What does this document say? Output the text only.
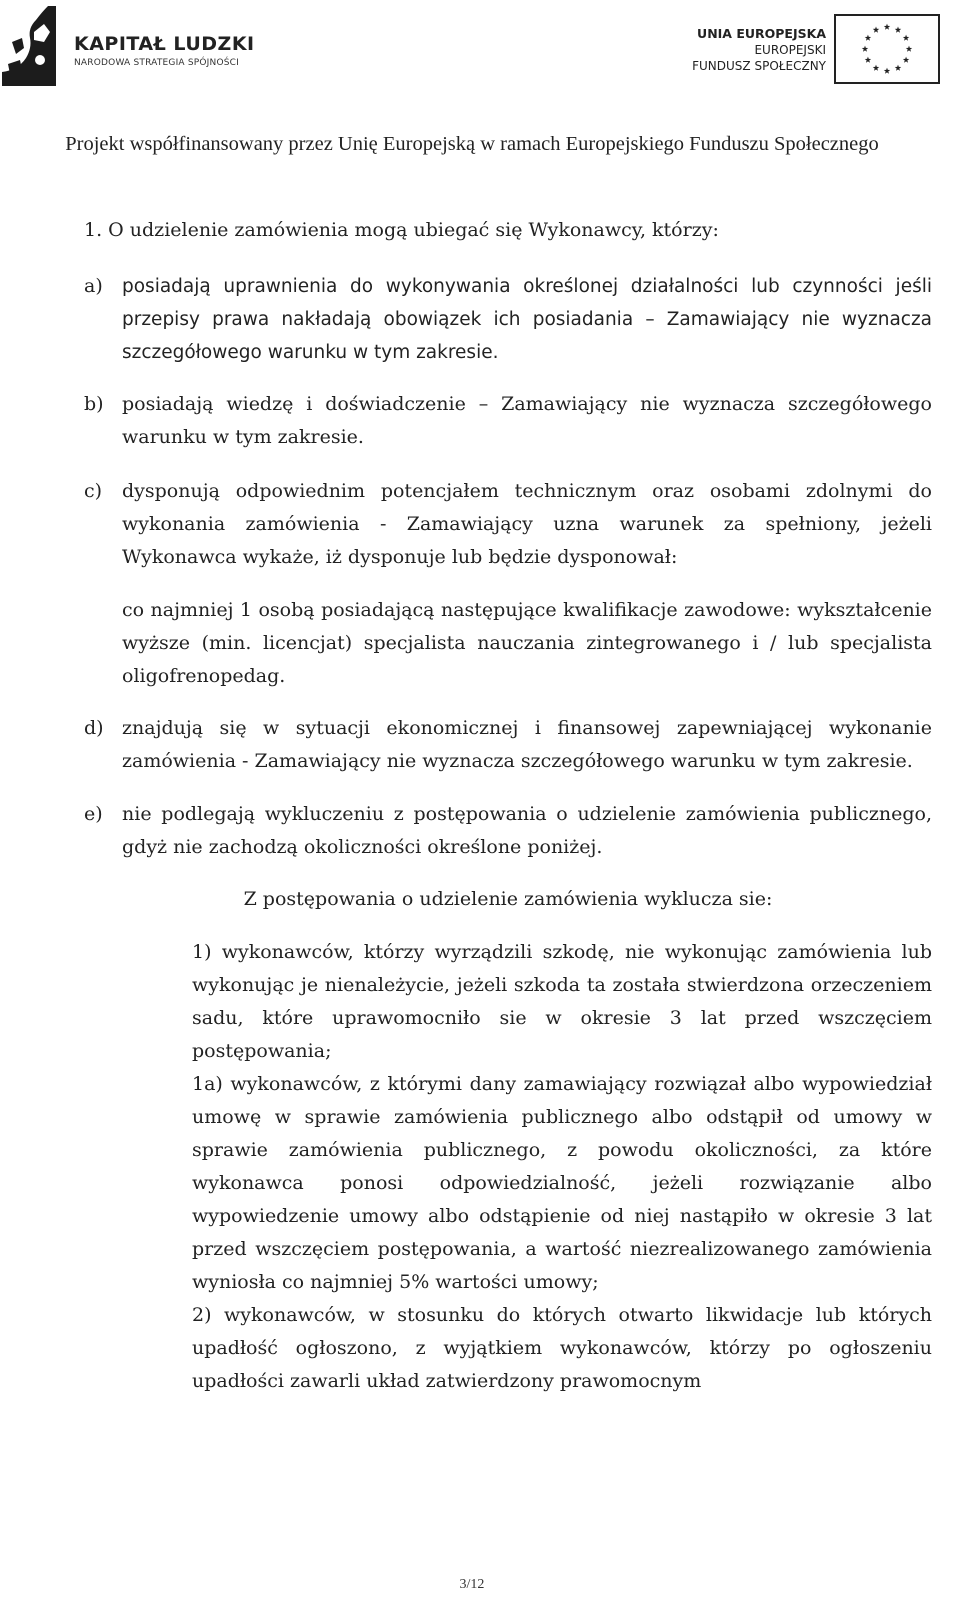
KAPITAŁ LUDZKI
NARODOWA STRATEGIA SPÓJNOŚCI
UNIA EUROPEJSKA
EUROPEJSKI
FUNDUSZ SPOŁECZNY
Projekt współfinansowany przez Unię Europejską w ramach Europejskiego Funduszu Społecznego

1. O udzielenie zamówienia mogą ubiegać się Wykonawcy, którzy:

a) posiadają uprawnienia do wykonywania określonej działalności lub czynności jeśli przepisy prawa nakładają obowiązek ich posiadania – Zamawiający nie wyznacza szczegółowego warunku w tym zakresie.

b) posiadają wiedzę i doświadczenie – Zamawiający nie wyznacza szczegółowego warunku w tym zakresie.

c) dysponują odpowiednim potencjałem technicznym oraz osobami zdolnymi do wykonania zamówienia - Zamawiający uzna warunek za spełniony, jeżeli Wykonawca wykaże, iż dysponuje lub będzie dysponował:

co najmniej 1 osobą posiadającą następujące kwalifikacje zawodowe: wykształcenie wyższe (min. licencjat) specjalista nauczania zintegrowanego i / lub specjalista oligofrenopedag.

d) znajdują się w sytuacji ekonomicznej i finansowej zapewniającej wykonanie zamówienia - Zamawiający nie wyznacza szczegółowego warunku w tym zakresie.

e) nie podlegają wykluczeniu z postępowania o udzielenie zamówienia publicznego, gdyż nie zachodzą okoliczności określone poniżej.

Z postępowania o udzielenie zamówienia wyklucza sie:

1) wykonawców, którzy wyrządzili szkodę, nie wykonując zamówienia lub wykonując je nienależycie, jeżeli szkoda ta została stwierdzona orzeczeniem sadu, które uprawomocniło sie w okresie 3 lat przed wszczęciem postępowania;

1a) wykonawców, z którymi dany zamawiający rozwiązał albo wypowiedział umowę w sprawie zamówienia publicznego albo odstąpił od umowy w sprawie zamówienia publicznego, z powodu okoliczności, za które wykonawca ponosi odpowiedzialność, jeżeli rozwiązanie albo wypowiedzenie umowy albo odstąpienie od niej nastąpiło w okresie 3 lat przed wszczęciem postępowania, a wartość niezrealizowanego zamówienia wyniosła co najmniej 5% wartości umowy;

2) wykonawców, w stosunku do których otwarto likwidacje lub których upadłość ogłoszono, z wyjątkiem wykonawców, którzy po ogłoszeniu upadłości zawarli układ zatwierdzony prawomocnym

3/12
